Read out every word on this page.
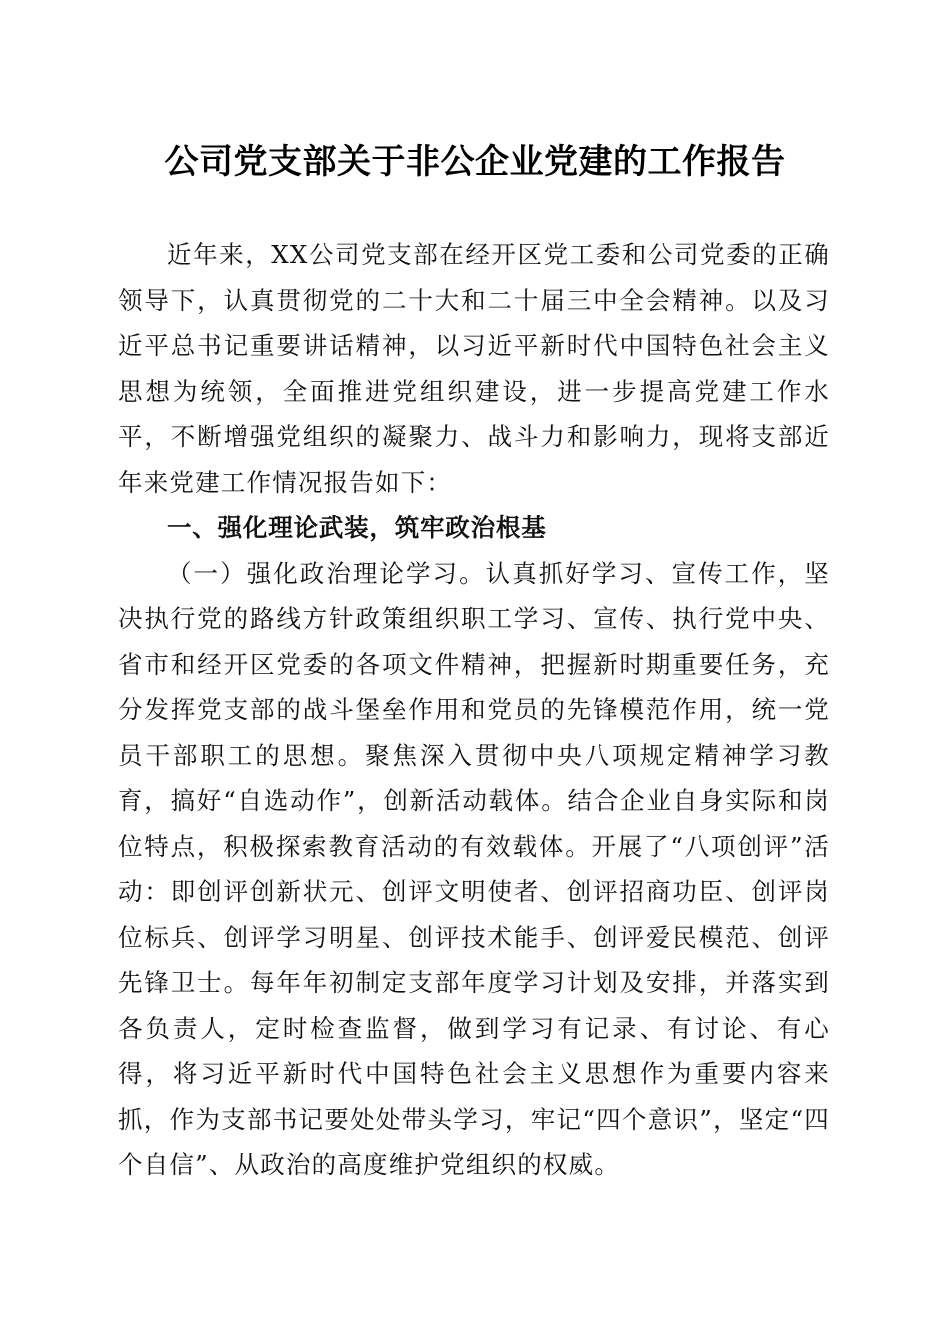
公司党支部关于非公企业党建的工作报告

近年来，XX公司党支部在经开区党工委和公司党委的正确领导下，认真贯彻党的二十大和二十届三中全会精神。以及习近平总书记重要讲话精神，以习近平新时代中国特色社会主义思想为统领，全面推进党组织建设，进一步提高党建工作水平，不断增强党组织的凝聚力、战斗力和影响力，现将支部近年来党建工作情况报告如下：

一、强化理论武装，筑牢政治根基

（一）强化政治理论学习。认真抓好学习、宣传工作，坚决执行党的路线方针政策组织职工学习、宣传、执行党中央、省市和经开区党委的各项文件精神，把握新时期重要任务，充分发挥党支部的战斗堡垒作用和党员的先锋模范作用，统一党员干部职工的思想。聚焦深入贯彻中央八项规定精神学习教育，搞好“自选动作”，创新活动载体。结合企业自身实际和岗位特点，积极探索教育活动的有效载体。开展了“八项创评”活动：即创评创新状元、创评文明使者、创评招商功臣、创评岗位标兵、创评学习明星、创评技术能手、创评爱民模范、创评先锋卫士。每年年初制定支部年度学习计划及安排，并落实到各负责人，定时检查监督，做到学习有记录、有讨论、有心得，将习近平新时代中国特色社会主义思想作为重要内容来抓，作为支部书记要处处带头学习，牢记“四个意识”，坚定“四个自信”、从政治的高度维护党组织的权威。
